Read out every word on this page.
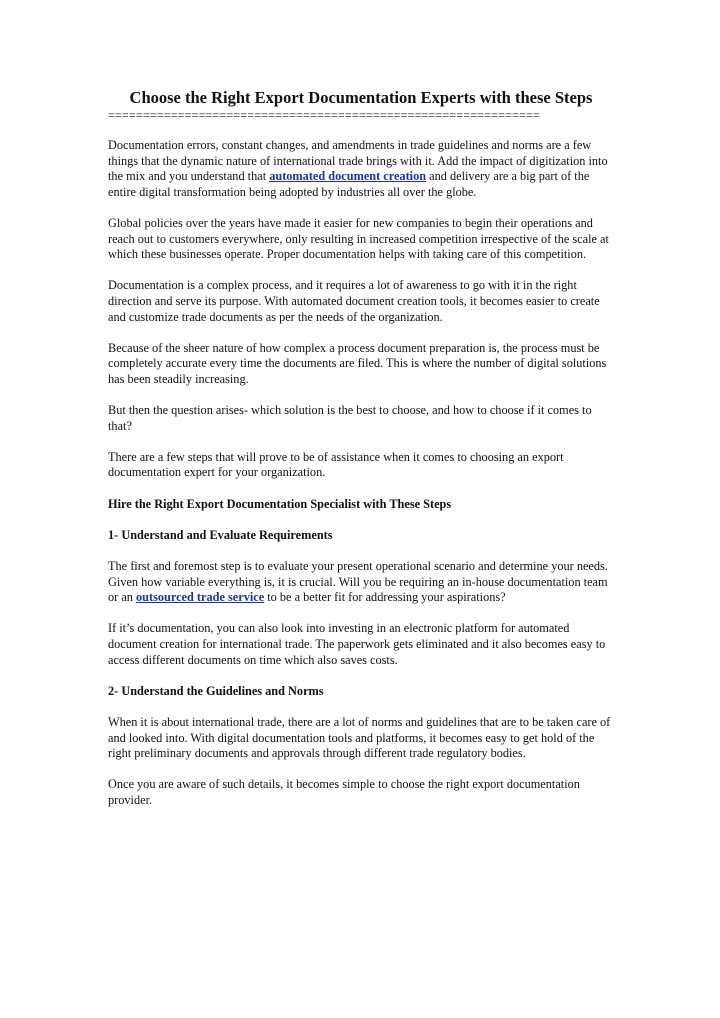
Choose the Right Export Documentation Experts with these Steps
==============================================================

Documentation errors, constant changes, and amendments in trade guidelines and norms are a few things that the dynamic nature of international trade brings with it. Add the impact of digitization into the mix and you understand that automated document creation and delivery are a big part of the entire digital transformation being adopted by industries all over the globe.

Global policies over the years have made it easier for new companies to begin their operations and reach out to customers everywhere, only resulting in increased competition irrespective of the scale at which these businesses operate. Proper documentation helps with taking care of this competition.

Documentation is a complex process, and it requires a lot of awareness to go with it in the right direction and serve its purpose. With automated document creation tools, it becomes easier to create and customize trade documents as per the needs of the organization.

Because of the sheer nature of how complex a process document preparation is, the process must be completely accurate every time the documents are filed. This is where the number of digital solutions has been steadily increasing.

But then the question arises- which solution is the best to choose, and how to choose if it comes to that?

There are a few steps that will prove to be of assistance when it comes to choosing an export documentation expert for your organization.

Hire the Right Export Documentation Specialist with These Steps

1- Understand and Evaluate Requirements

The first and foremost step is to evaluate your present operational scenario and determine your needs. Given how variable everything is, it is crucial. Will you be requiring an in-house documentation team or an outsourced trade service to be a better fit for addressing your aspirations?

If it’s documentation, you can also look into investing in an electronic platform for automated document creation for international trade. The paperwork gets eliminated and it also becomes easy to access different documents on time which also saves costs.

2- Understand the Guidelines and Norms

When it is about international trade, there are a lot of norms and guidelines that are to be taken care of and looked into. With digital documentation tools and platforms, it becomes easy to get hold of the right preliminary documents and approvals through different trade regulatory bodies.

Once you are aware of such details, it becomes simple to choose the right export documentation provider.
